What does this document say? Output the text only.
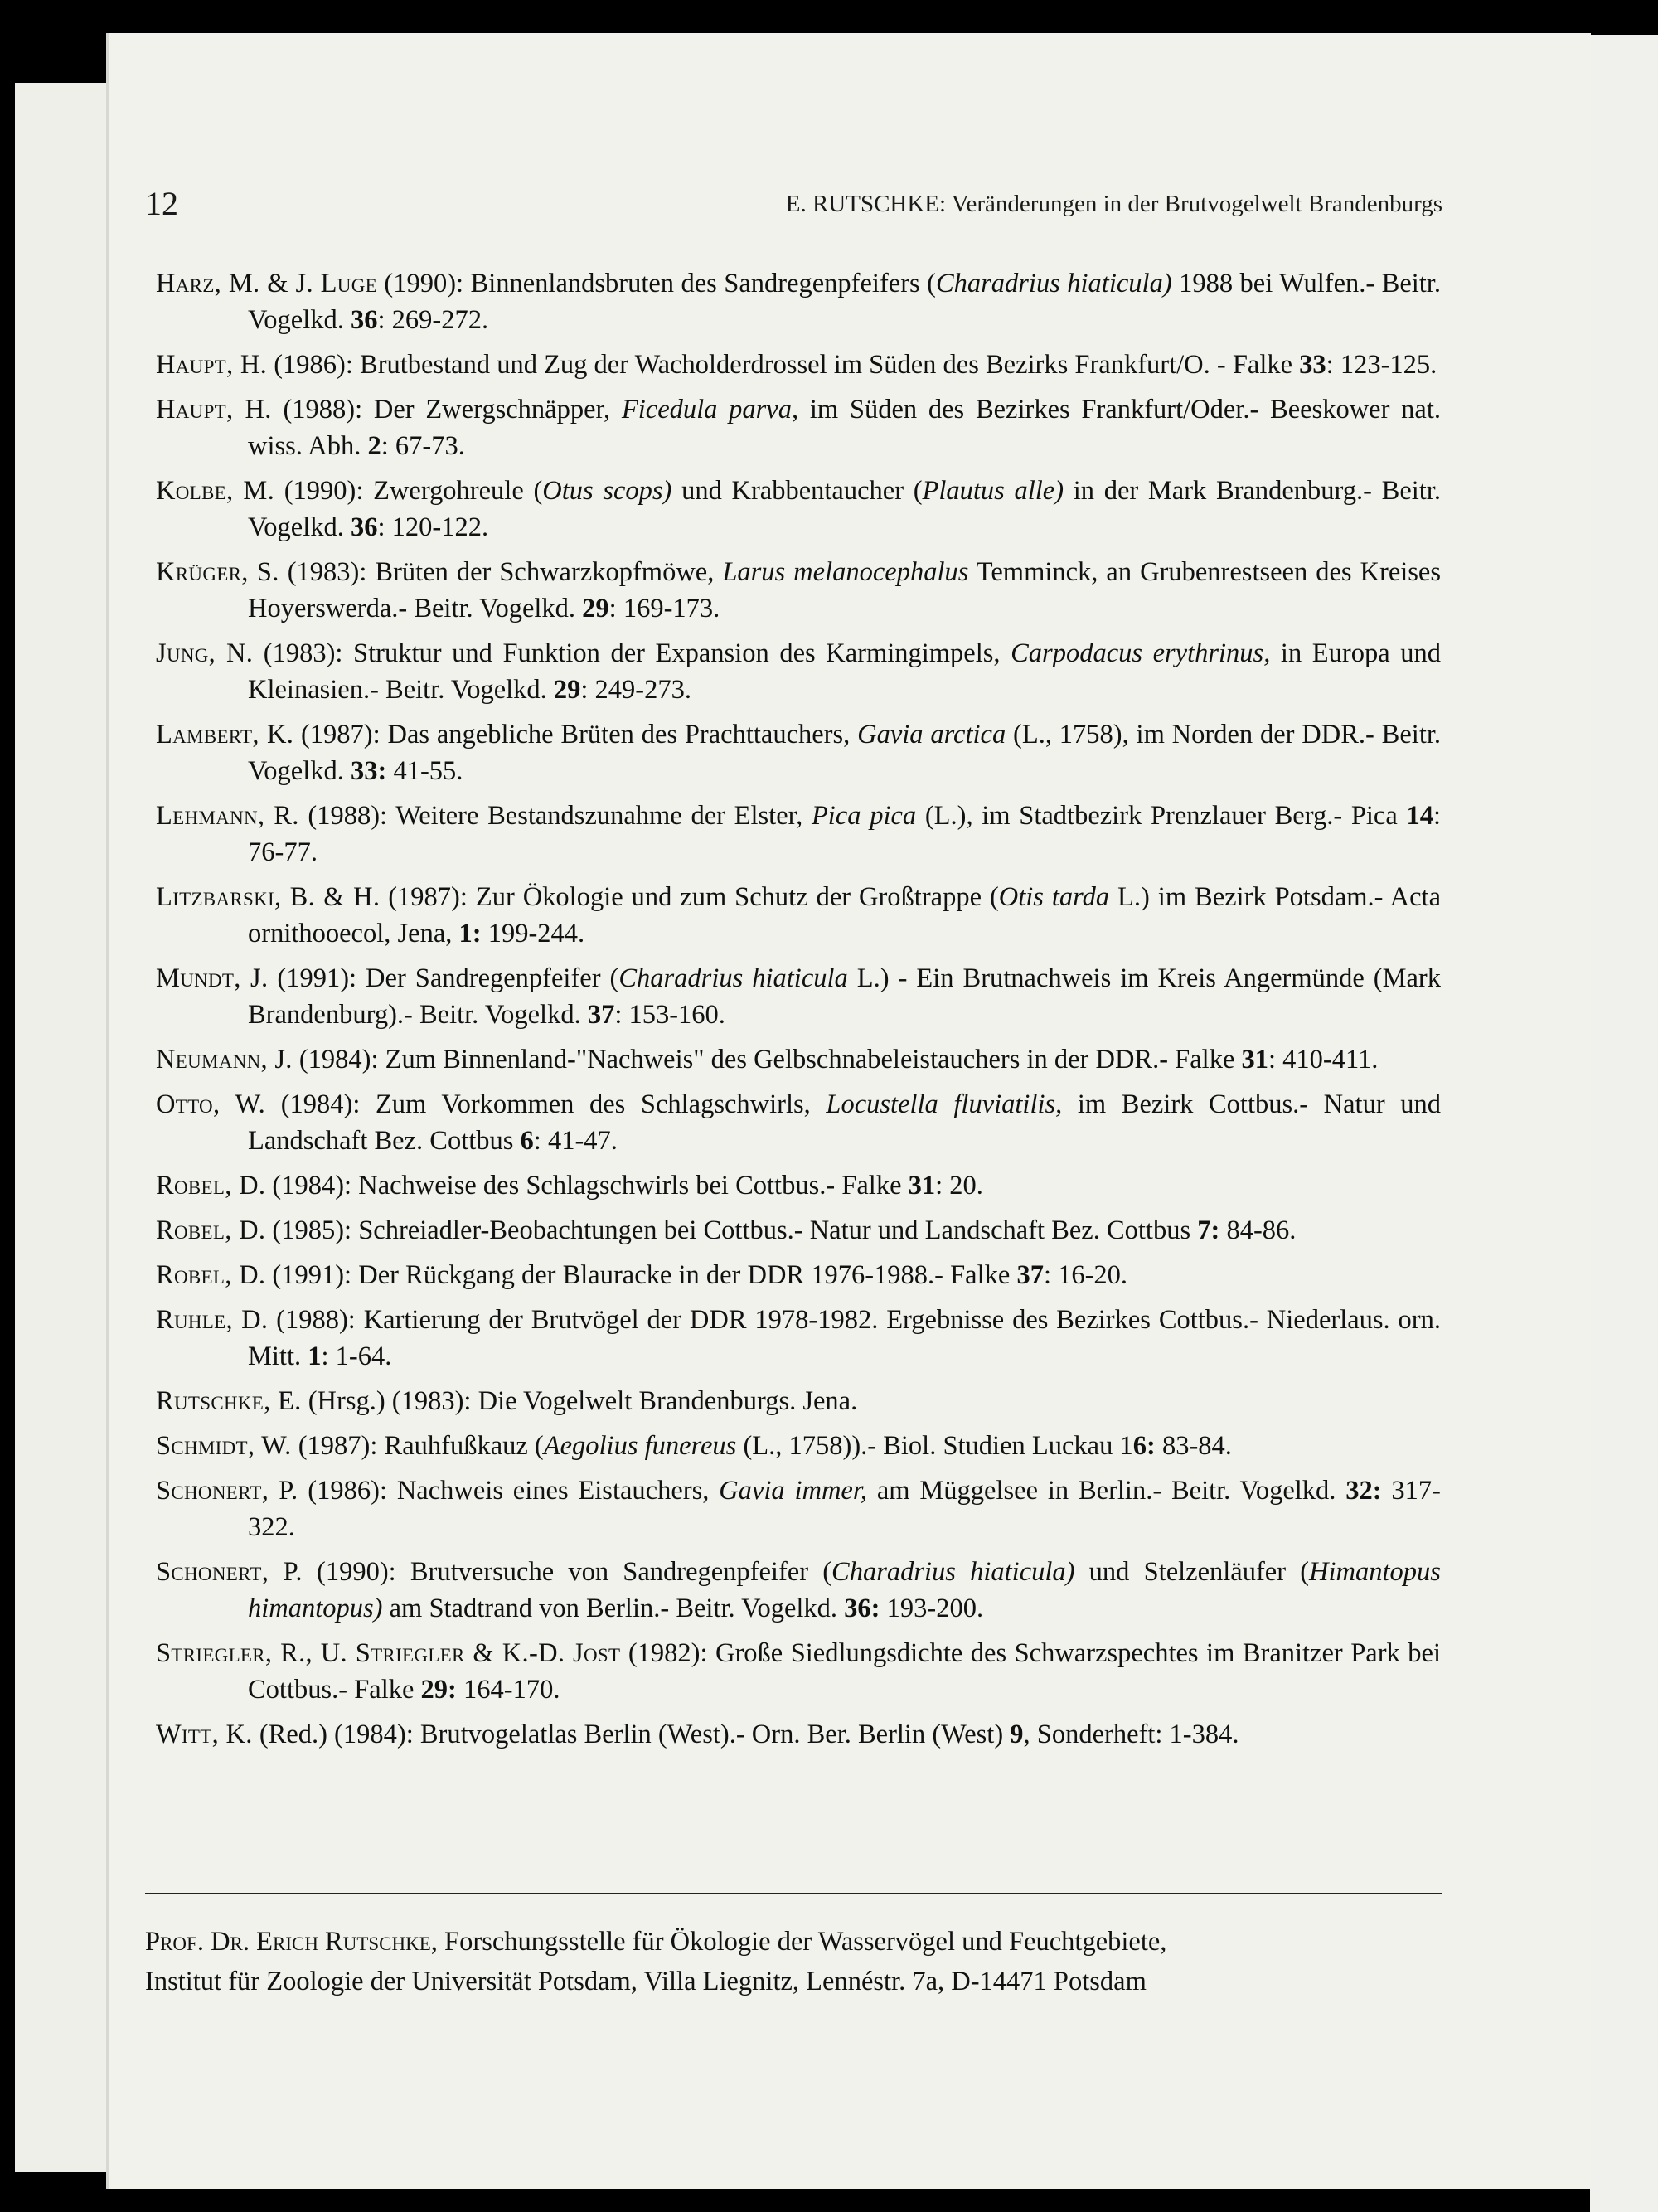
12	E. RUTSCHKE: Veränderungen in der Brutvogelwelt Brandenburgs
Harz, M. & J. Luge (1990): Binnenlandsbruten des Sandregenpfeifers (Charadrius hiaticula) 1988 bei Wulfen.- Beitr. Vogelkd. 36: 269-272.
Haupt, H. (1986): Brutbestand und Zug der Wacholderdrossel im Süden des Bezirks Frankfurt/O. - Falke 33: 123-125.
Haupt, H. (1988): Der Zwergschnäpper, Ficedula parva, im Süden des Bezirkes Frankfurt/Oder.- Beeskower nat. wiss. Abh. 2: 67-73.
Kolbe, M. (1990): Zwergohreule (Otus scops) und Krabbentaucher (Plautus alle) in der Mark Brandenburg.- Beitr. Vogelkd. 36: 120-122.
Krüger, S. (1983): Brüten der Schwarzkopfmöwe, Larus melanocephalus Temminck, an Grubenrestseen des Kreises Hoyerswerda.- Beitr. Vogelkd. 29: 169-173.
Jung, N. (1983): Struktur und Funktion der Expansion des Karmingimpels, Carpodacus erythrinus, in Europa und Kleinasien.- Beitr. Vogelkd. 29: 249-273.
Lambert, K. (1987): Das angebliche Brüten des Prachttauchers, Gavia arctica (L., 1758), im Norden der DDR.- Beitr. Vogelkd. 33: 41-55.
Lehmann, R. (1988): Weitere Bestandszunahme der Elster, Pica pica (L.), im Stadtbezirk Prenzlauer Berg.- Pica 14: 76-77.
Litzbarski, B. & H. (1987): Zur Ökologie und zum Schutz der Großtrappe (Otis tarda L.) im Bezirk Potsdam.- Acta ornithooecol, Jena, 1: 199-244.
Mundt, J. (1991): Der Sandregenpfeifer (Charadrius hiaticula L.) - Ein Brutnachweis im Kreis Angermünde (Mark Brandenburg).- Beitr. Vogelkd. 37: 153-160.
Neumann, J. (1984): Zum Binnenland-"Nachweis" des Gelbschnabeleistauchers in der DDR.- Falke 31: 410-411.
Otto, W. (1984): Zum Vorkommen des Schlagschwirls, Locustella fluviatilis, im Bezirk Cottbus.- Natur und Landschaft Bez. Cottbus 6: 41-47.
Robel, D. (1984): Nachweise des Schlagschwirls bei Cottbus.- Falke 31: 20.
Robel, D. (1985): Schreiadler-Beobachtungen bei Cottbus.- Natur und Landschaft Bez. Cottbus 7: 84-86.
Robel, D. (1991): Der Rückgang der Blauracke in der DDR 1976-1988.- Falke 37: 16-20.
Ruhle, D. (1988): Kartierung der Brutvögel der DDR 1978-1982. Ergebnisse des Bezirkes Cottbus.- Niederlaus. orn. Mitt. 1: 1-64.
Rutschke, E. (Hrsg.) (1983): Die Vogelwelt Brandenburgs. Jena.
Schmidt, W. (1987): Rauhfußkauz (Aegolius funereus (L., 1758)).- Biol. Studien Luckau 16: 83-84.
Schonert, P. (1986): Nachweis eines Eistauchers, Gavia immer, am Müggelsee in Berlin.- Beitr. Vogelkd. 32: 317-322.
Schonert, P. (1990): Brutversuche von Sandregenpfeifer (Charadrius hiaticula) und Stelzenläufer (Himantopus himantopus) am Stadtrand von Berlin.- Beitr. Vogelkd. 36: 193-200.
Striegler, R., U. Striegler & K.-D. Jost (1982): Große Siedlungsdichte des Schwarzspechtes im Branitzer Park bei Cottbus.- Falke 29: 164-170.
Witt, K. (Red.) (1984): Brutvogelatlas Berlin (West).- Orn. Ber. Berlin (West) 9, Sonderheft: 1-384.
Prof. Dr. Erich Rutschke, Forschungsstelle für Ökologie der Wasservögel und Feuchtgebiete,
Institut für Zoologie der Universität Potsdam, Villa Liegnitz, Lennéstr. 7a, D-14471 Potsdam
